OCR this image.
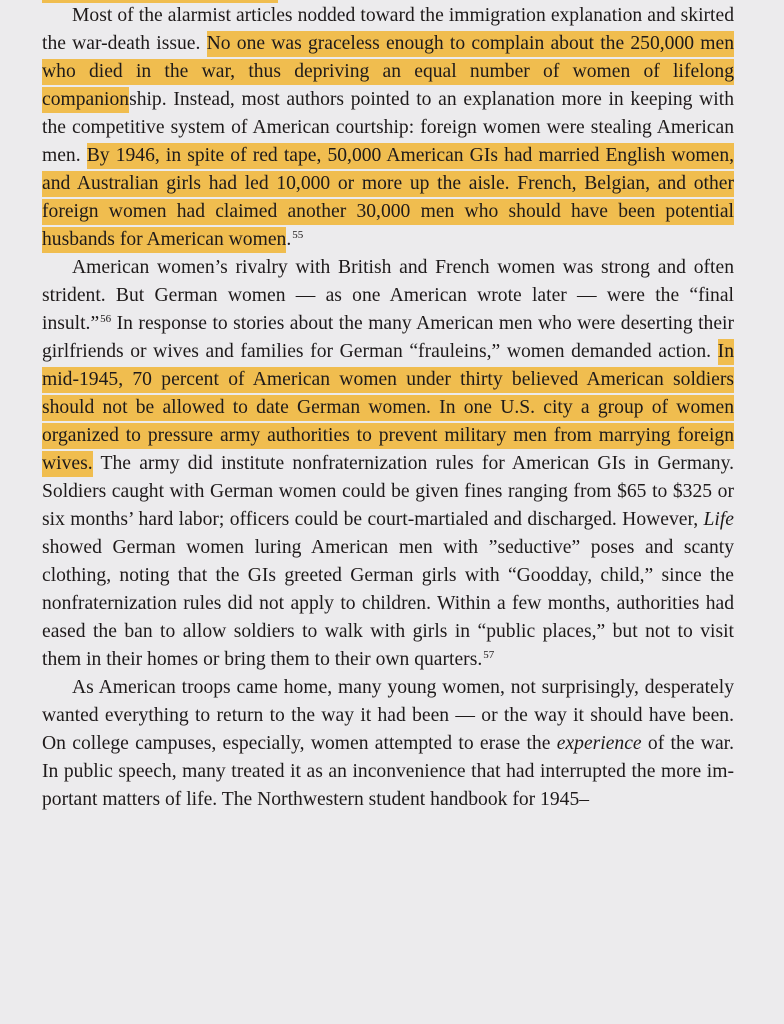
Most of the alarmist articles nodded toward the immigration explanation and skirted the war-death issue. No one was graceless enough to complain about the 250,000 men who died in the war, thus depriving an equal number of women of lifelong companionship. Instead, most authors pointed to an explanation more in keeping with the competitive system of American courtship: foreign women were stealing American men. By 1946, in spite of red tape, 50,000 American GIs had married English women, and Australian girls had led 10,000 or more up the aisle. French, Belgian, and other foreign women had claimed another 30,000 men who should have been potential husbands for American women.$^{55}$

American women’s rivalry with British and French women was strong and often strident. But German women — as one American wrote later — were the “final insult.”$^{56}$ In response to stories about the many American men who were deserting their girlfriends or wives and families for German “frauleins,” women demanded action. In mid-1945, 70 percent of American women under thirty believed American soldiers should not be allowed to date German women. In one U.S. city a group of women organized to pressure army authorities to prevent military men from marrying foreign wives. The army did institute nonfraternization rules for American GIs in Germany. Soldiers caught with German women could be given fines ranging from $65 to $325 or six months’ hard labor; officers could be court-martialed and discharged. However, Life showed German women luring American men with ”seductive” poses and scanty clothing, noting that the GIs greeted German girls with “Goodday, child,” since the nonfraternization rules did not apply to children. Within a few months, authorities had eased the ban to allow soldiers to walk with girls in “public places,” but not to visit them in their homes or bring them to their own quarters.$^{57}$

As American troops came home, many young women, not surprisingly, desperately wanted everything to return to the way it had been — or the way it should have been. On college campuses, especially, women attempted to erase the experience of the war. In public speech, many treated it as an inconvenience that had interrupted the more important matters of life. The Northwestern student handbook for 1945–
